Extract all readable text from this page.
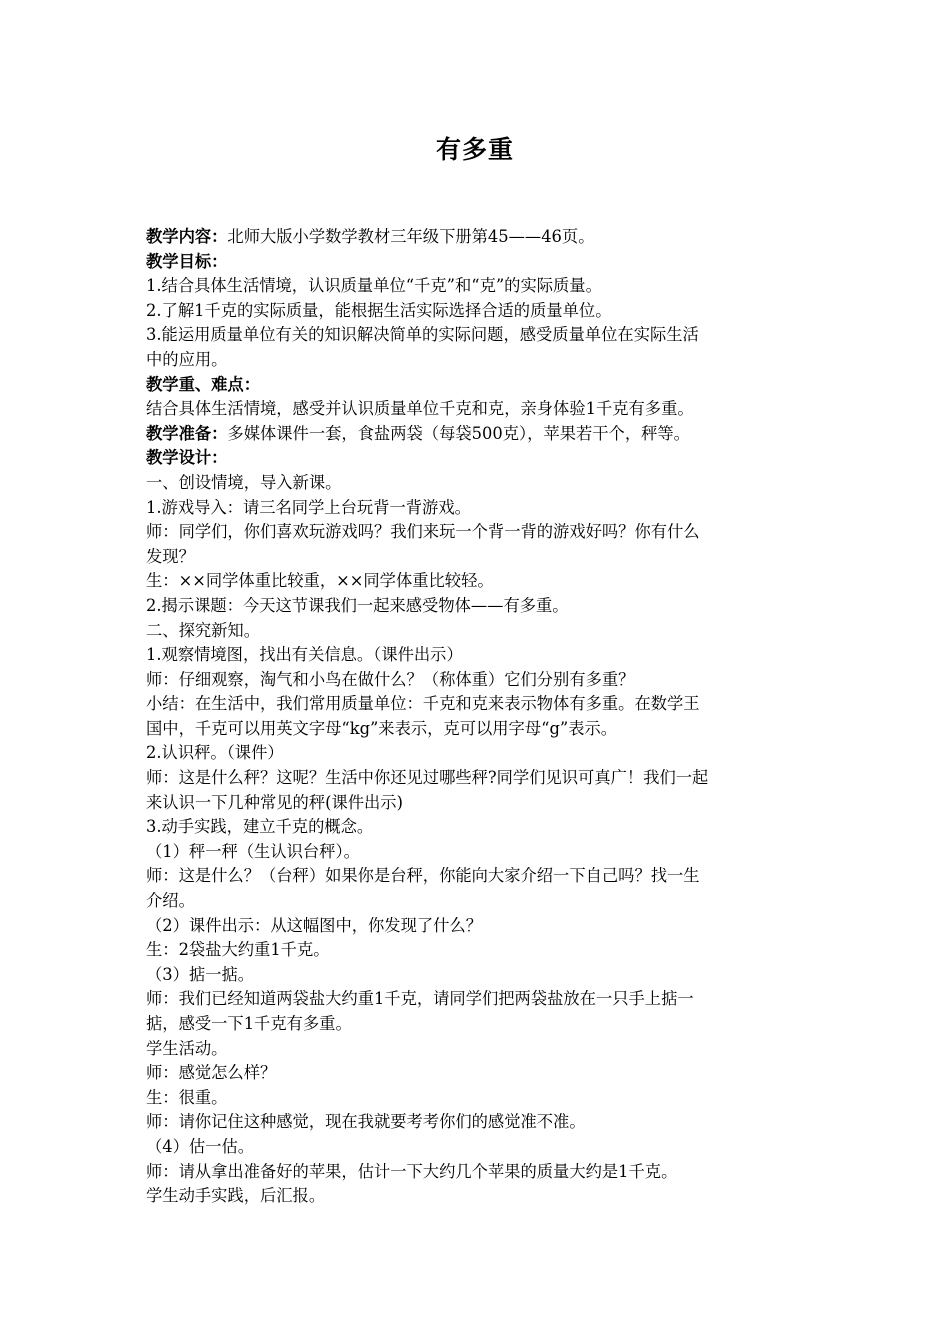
有多重
教学内容：北师大版小学数学教材三年级下册第45——46页。
教学目标：
1.结合具体生活情境，认识质量单位“千克”和“克”的实际质量。
2.了解1千克的实际质量，能根据生活实际选择合适的质量单位。
3.能运用质量单位有关的知识解决简单的实际问题，感受质量单位在实际生活
中的应用。
教学重、难点：
结合具体生活情境，感受并认识质量单位千克和克，亲身体验1千克有多重。
教学准备：多媒体课件一套，食盐两袋（每袋500克），苹果若干个，秤等。
教学设计：
一、创设情境，导入新课。
1.游戏导入：请三名同学上台玩背一背游戏。
师：同学们，你们喜欢玩游戏吗？我们来玩一个背一背的游戏好吗？你有什么
发现？
生：××同学体重比较重，××同学体重比较轻。
2.揭示课题：今天这节课我们一起来感受物体——有多重。
二、探究新知。
1.观察情境图，找出有关信息。（课件出示）
师：仔细观察，淘气和小鸟在做什么？（称体重）它们分别有多重？
小结：在生活中，我们常用质量单位：千克和克来表示物体有多重。在数学王
国中，千克可以用英文字母“kg”来表示，克可以用字母“g”表示。
2.认识秤。（课件）
师：这是什么秤？这呢？生活中你还见过哪些秤?同学们见识可真广！我们一起
来认识一下几种常见的秤(课件出示)
3.动手实践，建立千克的概念。
（1）秤一秤（生认识台秤）。
师：这是什么？（台秤）如果你是台秤，你能向大家介绍一下自己吗？找一生
介绍。
（2）课件出示：从这幅图中，你发现了什么？
生：2袋盐大约重1千克。
（3）掂一掂。
师：我们已经知道两袋盐大约重1千克，请同学们把两袋盐放在一只手上掂一
掂，感受一下1千克有多重。
学生活动。
师：感觉怎么样？
生：很重。
师：请你记住这种感觉，现在我就要考考你们的感觉准不准。
（4）估一估。
师：请从拿出准备好的苹果，估计一下大约几个苹果的质量大约是1千克。
学生动手实践，后汇报。
